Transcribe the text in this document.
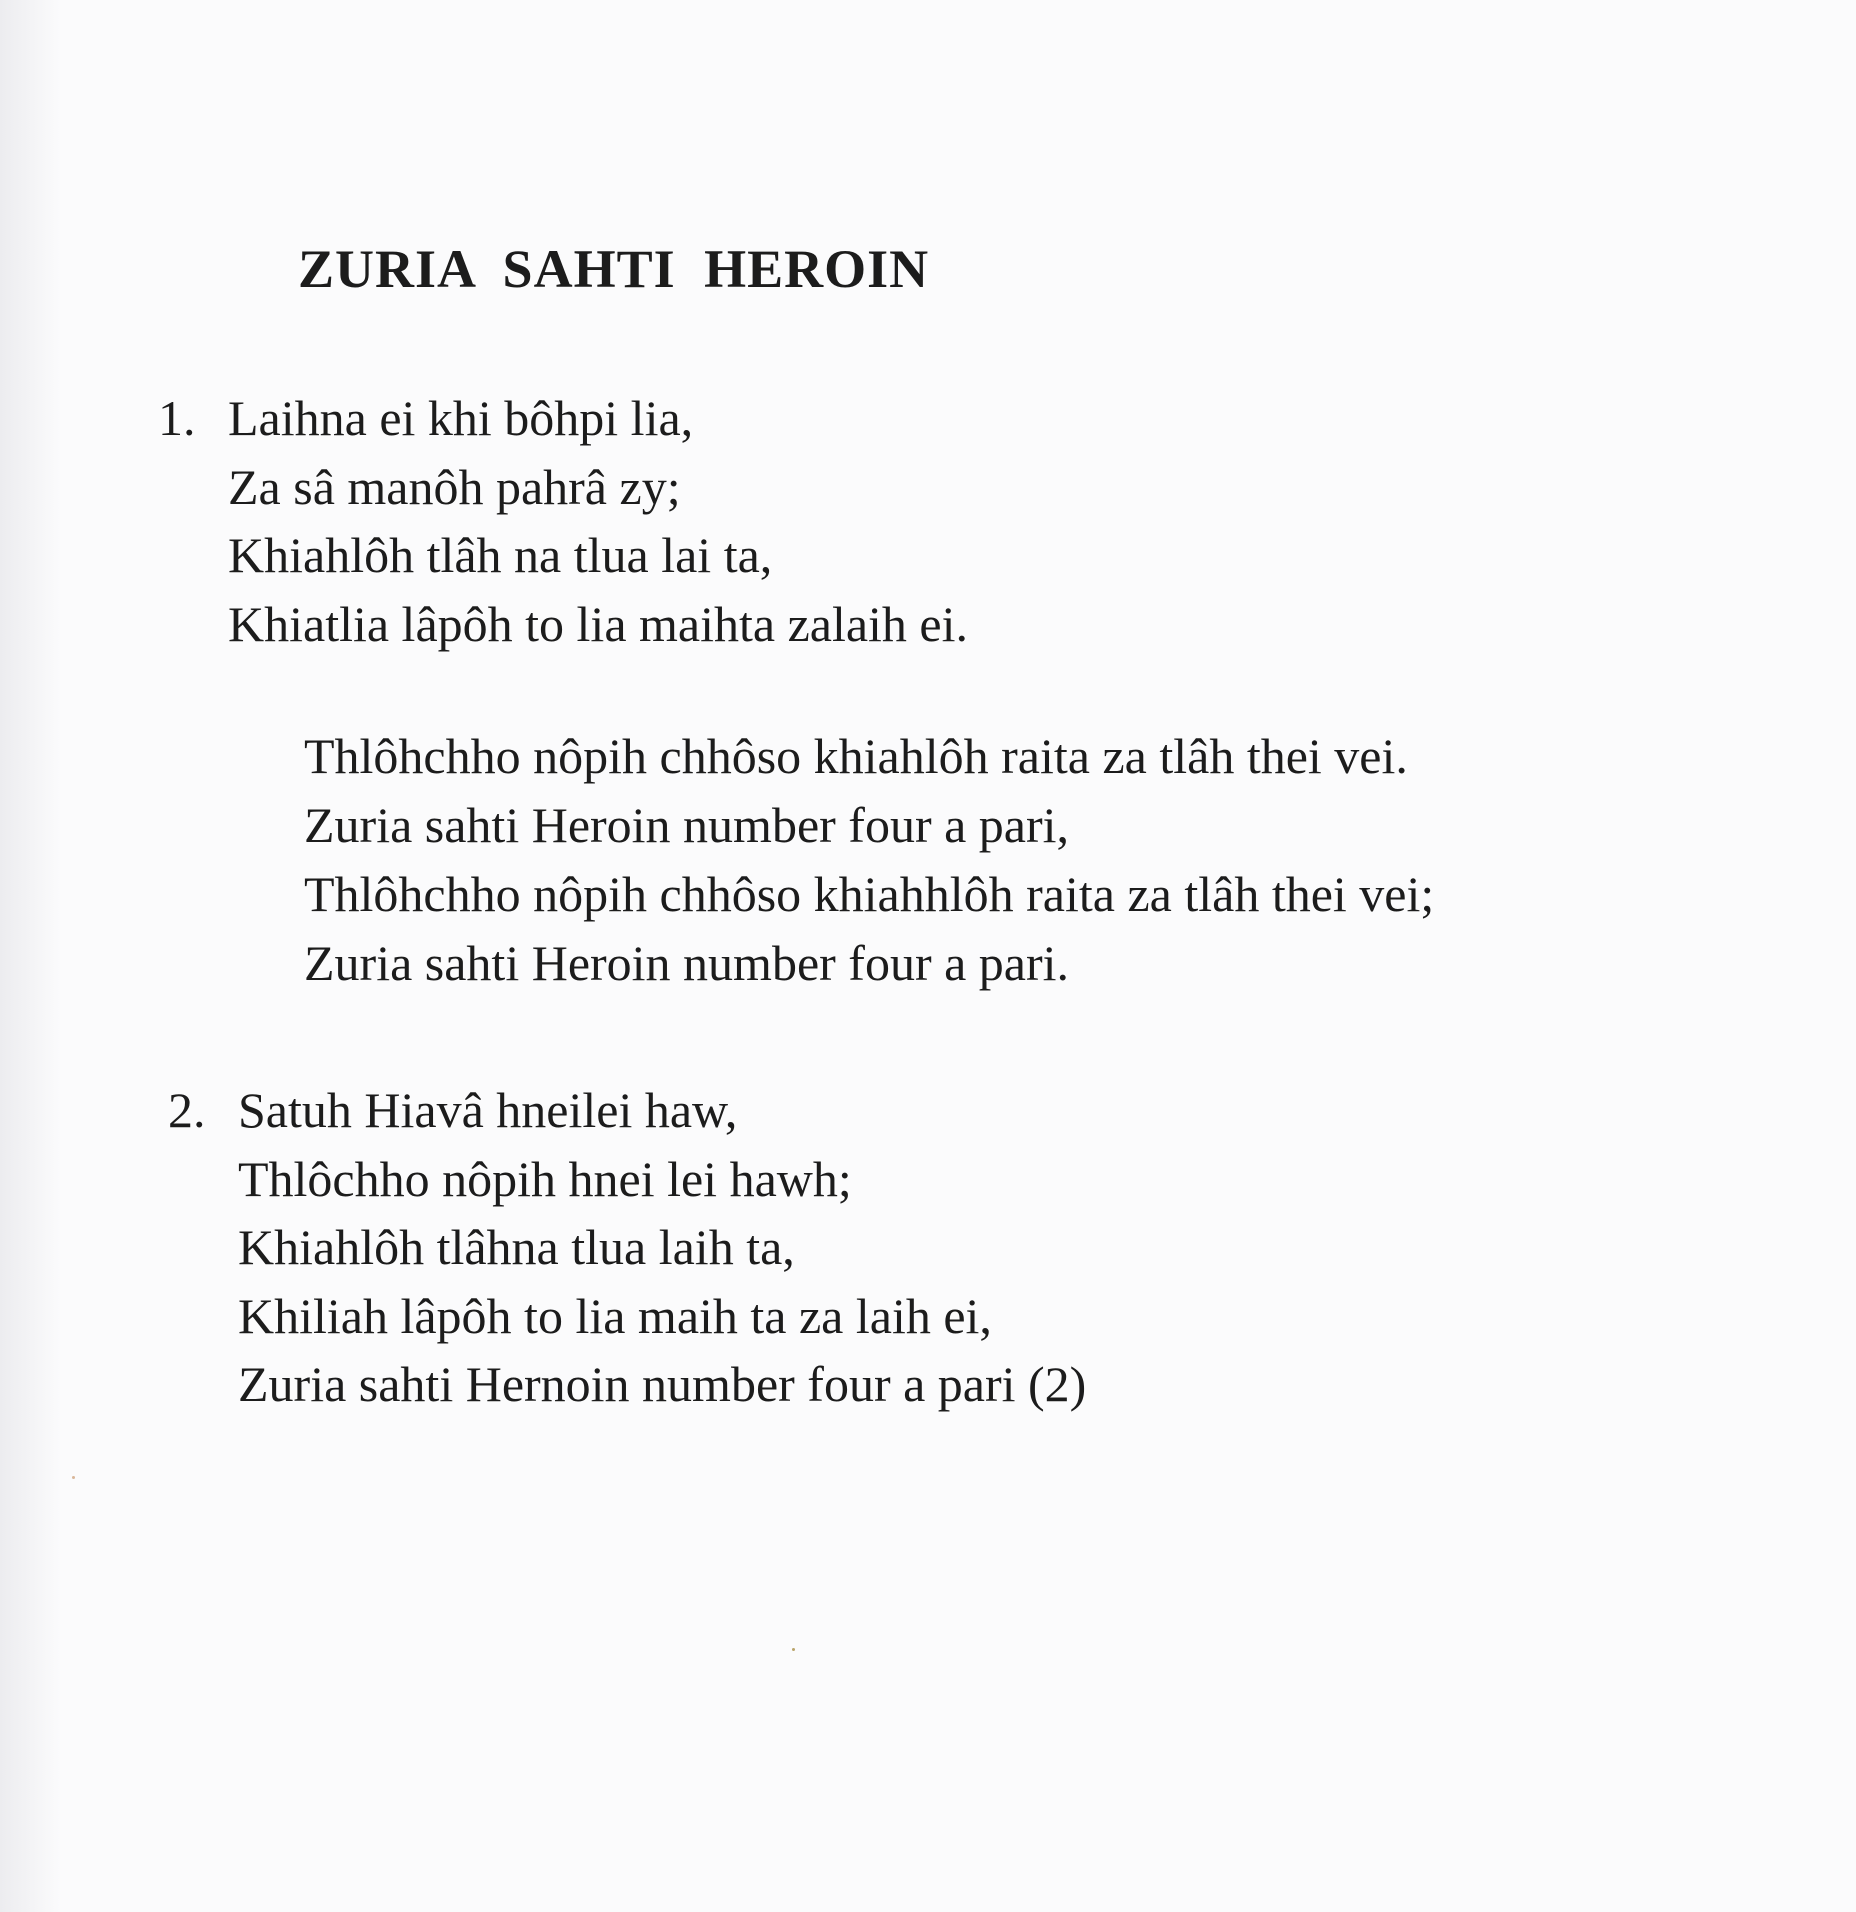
ZURIA SAHTI HEROIN
1. Laihna ei khi bôhpi lia,
Za sâ manôh pahrâ zy;
Khiahlôh tlâh na tlua lai ta,
Khiatlia lâpôh to lia maihta zalaih ei.
Thlôhchho nôpih chhôso khiahlôh raita za tlâh thei vei.
Zuria sahti Heroin number four a pari,
Thlôhchho nôpih chhôso khiahhlôh raita za tlâh thei vei;
Zuria sahti Heroin number four a pari.
2. Satuh Hiavâ hneilei haw,
Thlôchho nôpih hnei lei hawh;
Khiahlôh tlâhna tlua laih ta,
Khiliah lâpôh to lia maih ta za laih ei,
Zuria sahti Hernoin number four a pari (2)
